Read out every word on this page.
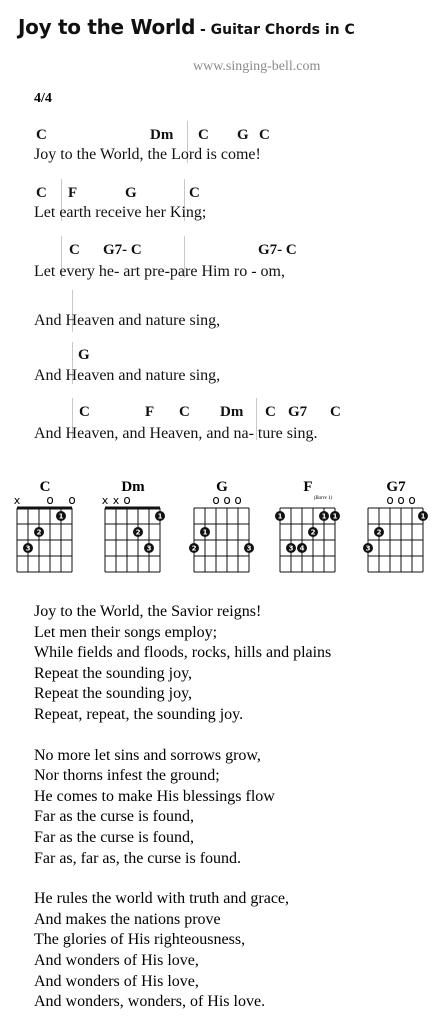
Joy to the World - Guitar Chords in C
www.singing-bell.com
4/4
C	Dm C G C
Joy to the World, the Lord is come!
C F	G	C
Let earth receive her King;
C G7- C	G7- C
Let every he- art pre-pare Him ro - om,
And Heaven and nature sing,
G
And Heaven and nature sing,
C	F C Dm C G7 C
And Heaven, and Heaven, and na- ture sing.
C
x o o
3
2
1
Dm
x x o
2
3
1
G
o o o
2
1
3
F
(Barre 1)
1
3 4
2
1 1
G7
o o o
3
2
1
Joy to the World, the Savior reigns!
Let men their songs employ;
While fields and floods, rocks, hills and plains
Repeat the sounding joy,
Repeat the sounding joy,
Repeat, repeat, the sounding joy.
No more let sins and sorrows grow,
Nor thorns infest the ground;
He comes to make His blessings flow
Far as the curse is found,
Far as the curse is found,
Far as, far as, the curse is found.
He rules the world with truth and grace,
And makes the nations prove
The glories of His righteousness,
And wonders of His love,
And wonders of His love,
And wonders, wonders, of His love.
